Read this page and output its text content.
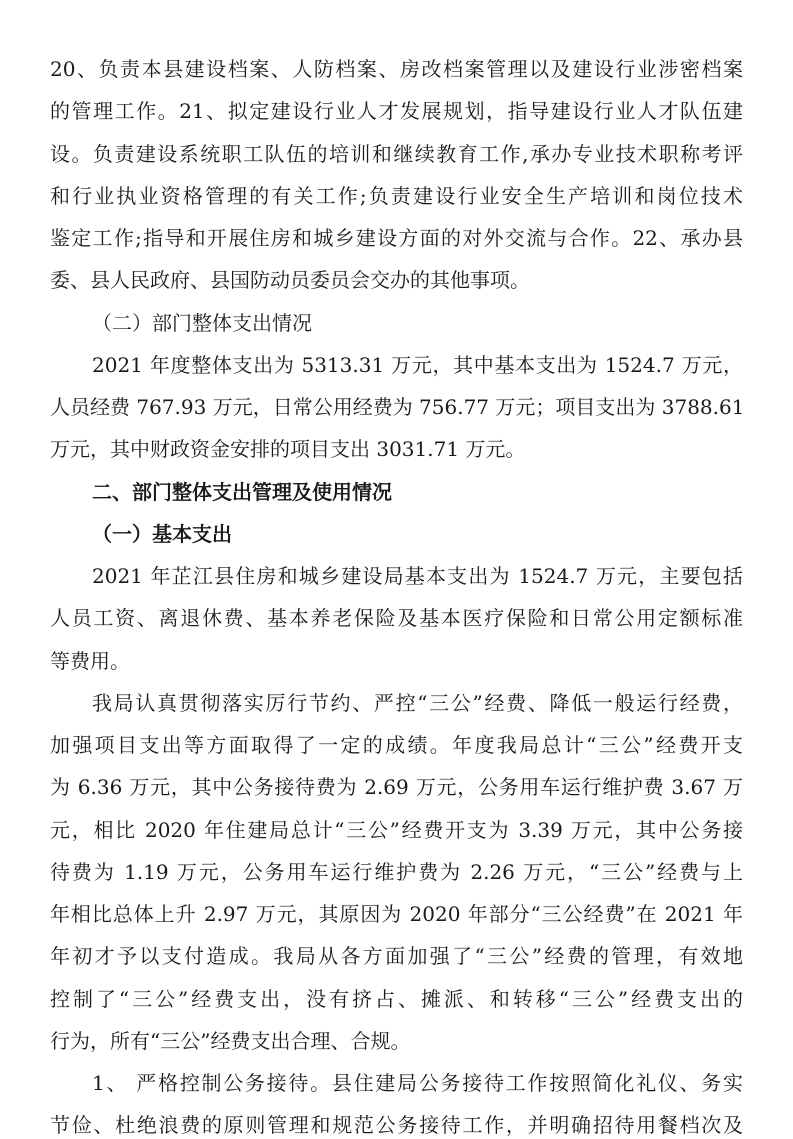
20、负责本县建设档案、人防档案、房改档案管理以及建设行业涉密档案
的管理工作。21、拟定建设行业人才发展规划，指导建设行业人才队伍建
设。负责建设系统职工队伍的培训和继续教育工作,承办专业技术职称考评
和行业执业资格管理的有关工作;负责建设行业安全生产培训和岗位技术
鉴定工作;指导和开展住房和城乡建设方面的对外交流与合作。22、承办县
委、县人民政府、县国防动员委员会交办的其他事项。
（二）部门整体支出情况
2021 年度整体支出为 5313.31 万元，其中基本支出为 1524.7 万元，
人员经费 767.93 万元，日常公用经费为 756.77 万元；项目支出为 3788.61
万元，其中财政资金安排的项目支出 3031.71 万元。
二、部门整体支出管理及使用情况
（一）基本支出
2021 年芷江县住房和城乡建设局基本支出为 1524.7 万元，主要包括
人员工资、离退休费、基本养老保险及基本医疗保险和日常公用定额标准
等费用。
我局认真贯彻落实厉行节约、严控“三公”经费、降低一般运行经费，
加强项目支出等方面取得了一定的成绩。年度我局总计“三公”经费开支
为 6.36 万元，其中公务接待费为 2.69 万元，公务用车运行维护费 3.67 万
元，相比 2020 年住建局总计“三公”经费开支为 3.39 万元，其中公务接
待费为 1.19 万元，公务用车运行维护费为 2.26 万元，“三公”经费与上
年相比总体上升 2.97 万元，其原因为 2020 年部分“三公经费”在 2021 年
年初才予以支付造成。我局从各方面加强了“三公”经费的管理，有效地
控制了“三公”经费支出，没有挤占、摊派、和转移“三公”经费支出的
行为，所有“三公”经费支出合理、合规。
1、 严格控制公务接待。县住建局公务接待工作按照简化礼仪、务实
节俭、杜绝浪费的原则管理和规范公务接待工作，并明确招待用餐档次及
